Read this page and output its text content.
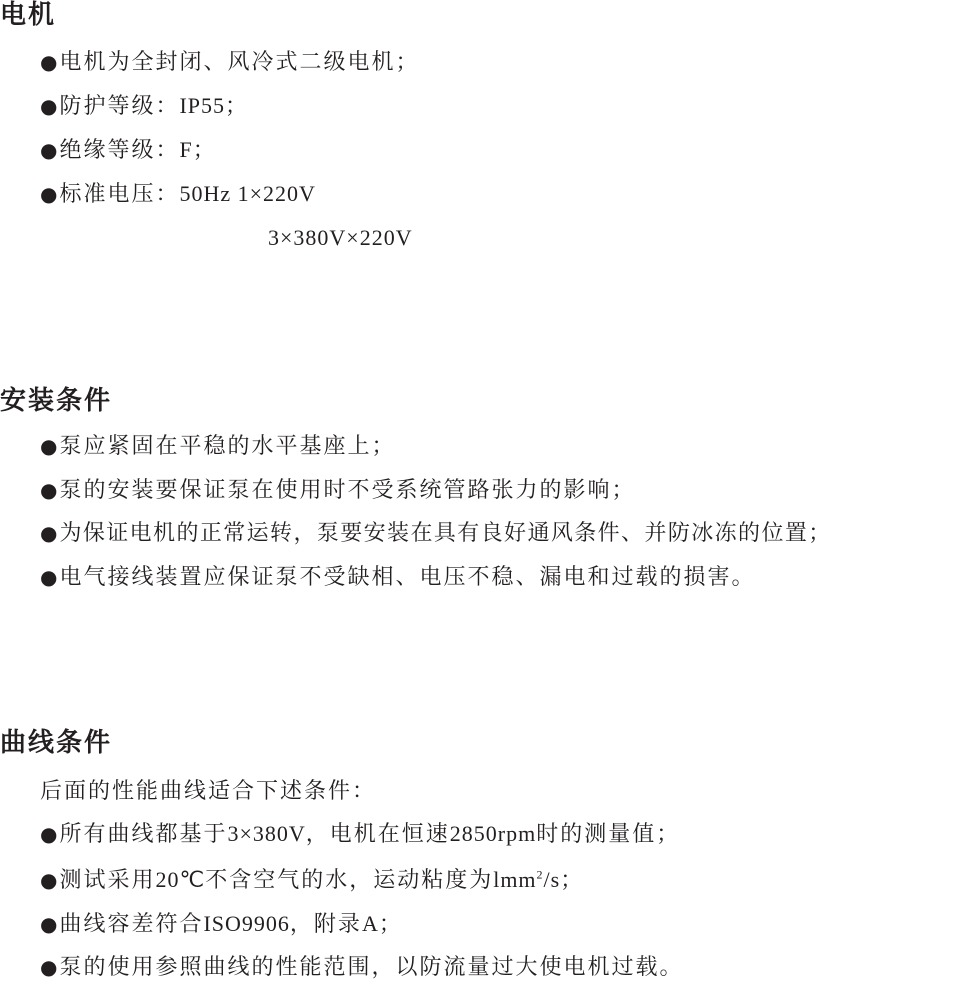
电机
●电机为全封闭、风冷式二级电机；
●防护等级：IP55；
●绝缘等级：F；
●标准电压：50Hz 1×220V
3×380V×220V
安装条件
●泵应紧固在平稳的水平基座上；
●泵的安装要保证泵在使用时不受系统管路张力的影响；
●为保证电机的正常运转，泵要安装在具有良好通风条件、并防冰冻的位置；
●电气接线装置应保证泵不受缺相、电压不稳、漏电和过载的损害。
曲线条件
后面的性能曲线适合下述条件：
●所有曲线都基于3×380V，电机在恒速2850rpm时的测量值；
●测试采用20℃不含空气的水，运动粘度为lmm$^2$/s；
●曲线容差符合ISO9906，附录A；
●泵的使用参照曲线的性能范围，以防流量过大使电机过载。
